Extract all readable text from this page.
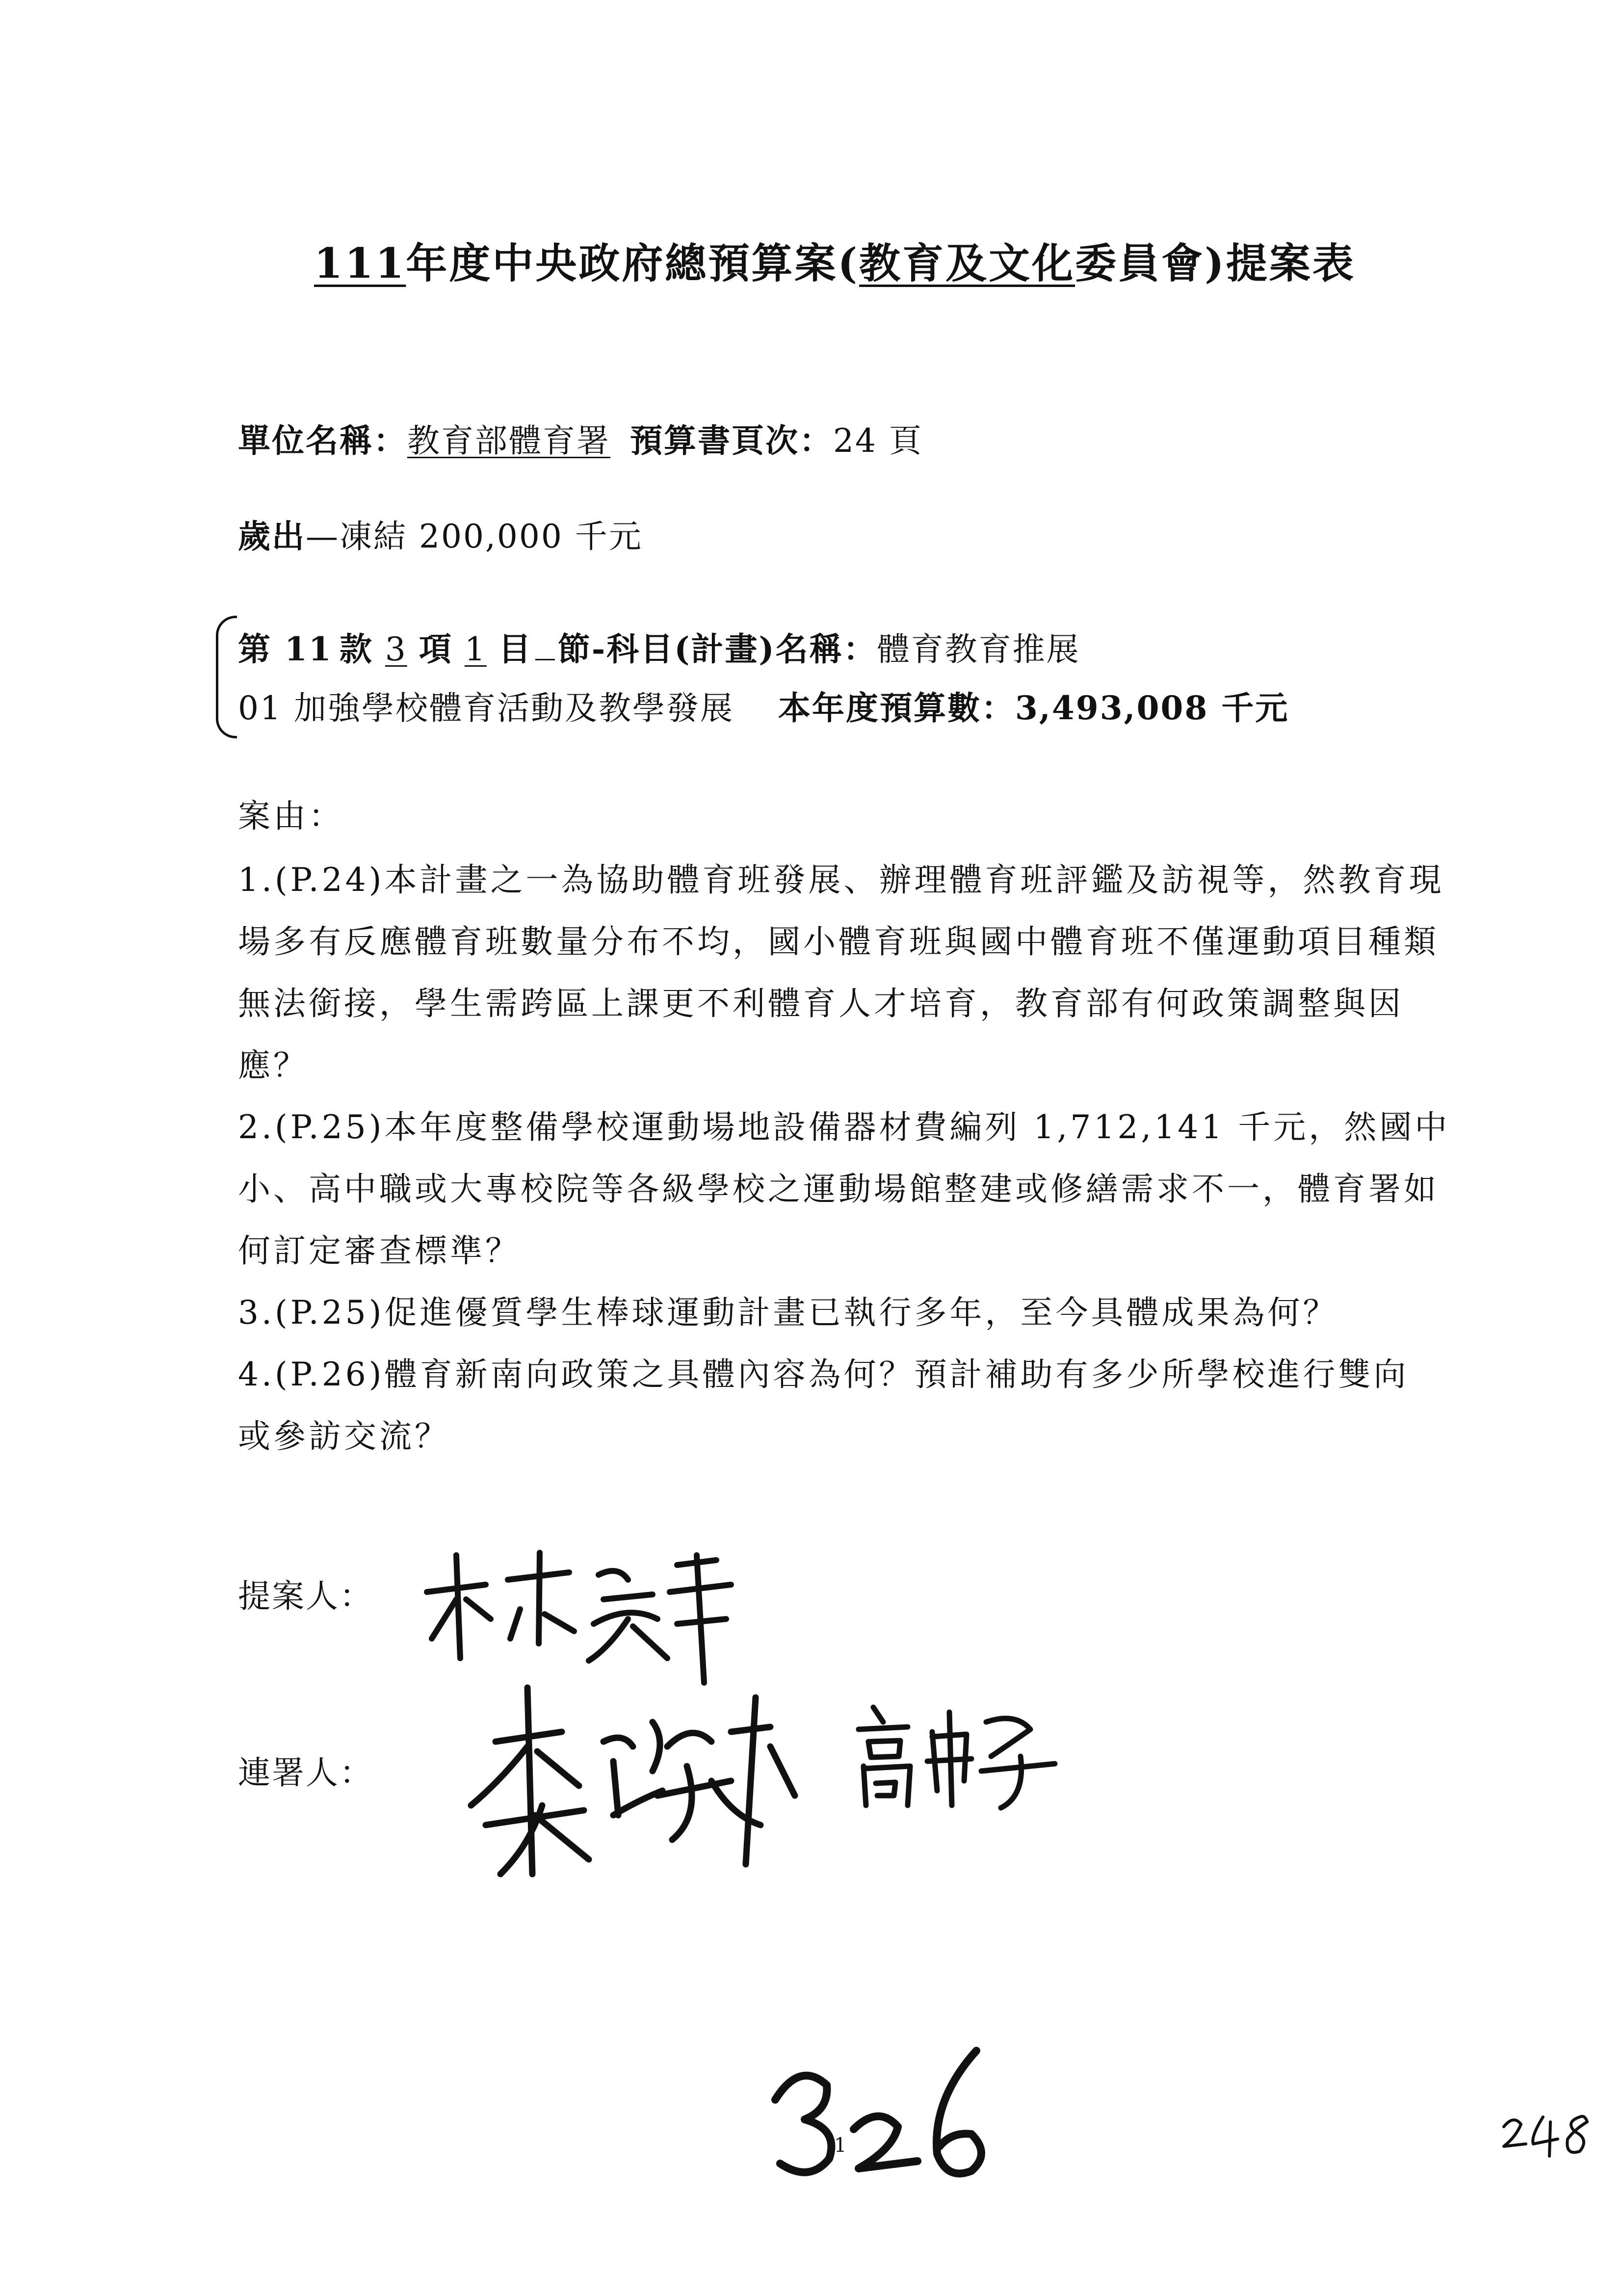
111年度中央政府總預算案(教育及文化委員會)提案表
單位名稱：教育部體育署 預算書頁次：24 頁
歲出—凍結 200,000 千元
第 11 款 3 項 1 目 節-科目(計畫)名稱：體育教育推展
01 加強學校體育活動及教學發展 本年度預算數：3,493,008 千元
案由：
1.(P.24)本計畫之一為協助體育班發展、辦理體育班評鑑及訪視等，然教育現
場多有反應體育班數量分布不均，國小體育班與國中體育班不僅運動項目種類
無法銜接，學生需跨區上課更不利體育人才培育，教育部有何政策調整與因
應？
2.(P.25)本年度整備學校運動場地設備器材費編列 1,712,141 千元，然國中
小、高中職或大專校院等各級學校之運動場館整建或修繕需求不一，體育署如
何訂定審查標準？
3.(P.25)促進優質學生棒球運動計畫已執行多年，至今具體成果為何？
4.(P.26)體育新南向政策之具體內容為何？預計補助有多少所學校進行雙向
或參訪交流？
提案人：
連署人：
1
